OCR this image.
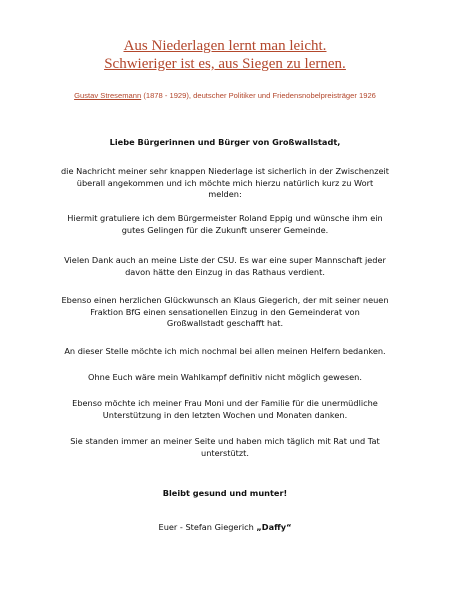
Aus Niederlagen lernt man leicht.
Schwieriger ist es, aus Siegen zu lernen.
Gustav Stresemann (1878 - 1929), deutscher Politiker und Friedensnobelpreisträger 1926
Liebe Bürgerinnen und Bürger von Großwallstadt,
die Nachricht meiner sehr knappen Niederlage ist sicherlich in der Zwischenzeit
überall angekommen und ich möchte mich hierzu natürlich kurz zu Wort
melden:
Hiermit gratuliere ich dem Bürgermeister Roland Eppig und wünsche ihm ein
gutes Gelingen für die Zukunft unserer Gemeinde.
Vielen Dank auch an meine Liste der CSU. Es war eine super Mannschaft jeder
davon hätte den Einzug in das Rathaus verdient.
Ebenso einen herzlichen Glückwunsch an Klaus Giegerich, der mit seiner neuen
Fraktion BfG einen sensationellen Einzug in den Gemeinderat von
Großwallstadt geschafft hat.
An dieser Stelle möchte ich mich nochmal bei allen meinen Helfern bedanken.
Ohne Euch wäre mein Wahlkampf definitiv nicht möglich gewesen.
Ebenso möchte ich meiner Frau Moni und der Familie für die unermüdliche
Unterstützung in den letzten Wochen und Monaten danken.
Sie standen immer an meiner Seite und haben mich täglich mit Rat und Tat
unterstützt.
Bleibt gesund und munter!
Euer - Stefan Giegerich „Daffy“
